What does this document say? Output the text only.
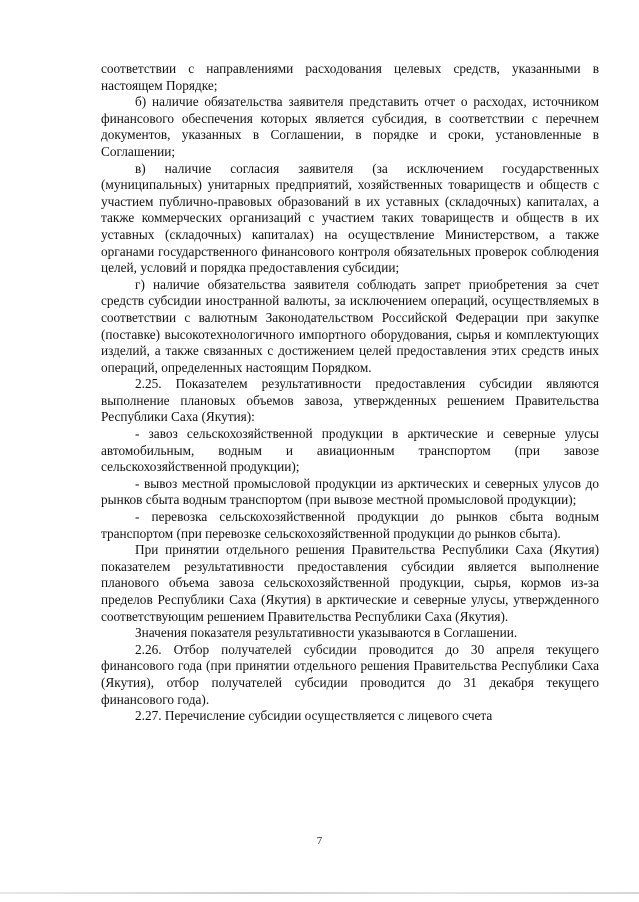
соответствии с направлениями расходования целевых средств, указанными в настоящем Порядке;

б) наличие обязательства заявителя представить отчет о расходах, источником финансового обеспечения которых является субсидия, в соответствии с перечнем документов, указанных в Соглашении, в порядке и сроки, установленные в Соглашении;

в) наличие согласия заявителя (за исключением государственных (муниципальных) унитарных предприятий, хозяйственных товариществ и обществ с участием публично-правовых образований в их уставных (складочных) капиталах, а также коммерческих организаций с участием таких товариществ и обществ в их уставных (складочных) капиталах) на осуществление Министерством, а также органами государственного финансового контроля обязательных проверок соблюдения целей, условий и порядка предоставления субсидии;

г) наличие обязательства заявителя соблюдать запрет приобретения за счет средств субсидии иностранной валюты, за исключением операций, осуществляемых в соответствии с валютным Законодательством Российской Федерации при закупке (поставке) высокотехнологичного импортного оборудования, сырья и комплектующих изделий, а также связанных с достижением целей предоставления этих средств иных операций, определенных настоящим Порядком.

2.25. Показателем результативности предоставления субсидии являются выполнение плановых объемов завоза, утвержденных решением Правительства Республики Саха (Якутия):

- завоз сельскохозяйственной продукции в арктические и северные улусы автомобильным, водным и авиационным транспортом (при завозе сельскохозяйственной продукции);

- вывоз местной промысловой продукции из арктических и северных улусов до рынков сбыта водным транспортом (при вывозе местной промысловой продукции);

- перевозка сельскохозяйственной продукции до рынков сбыта водным транспортом (при перевозке сельскохозяйственной продукции до рынков сбыта).

При принятии отдельного решения Правительства Республики Саха (Якутия) показателем результативности предоставления субсидии является выполнение планового объема завоза сельскохозяйственной продукции, сырья, кормов из-за пределов Республики Саха (Якутия) в арктические и северные улусы, утвержденного соответствующим решением Правительства Республики Саха (Якутия).

Значения показателя результативности указываются в Соглашении.

2.26. Отбор получателей субсидии проводится до 30 апреля текущего финансового года (при принятии отдельного решения Правительства Республики Саха (Якутия), отбор получателей субсидии проводится до 31 декабря текущего финансового года).

2.27. Перечисление субсидии осуществляется с лицевого счета

7
